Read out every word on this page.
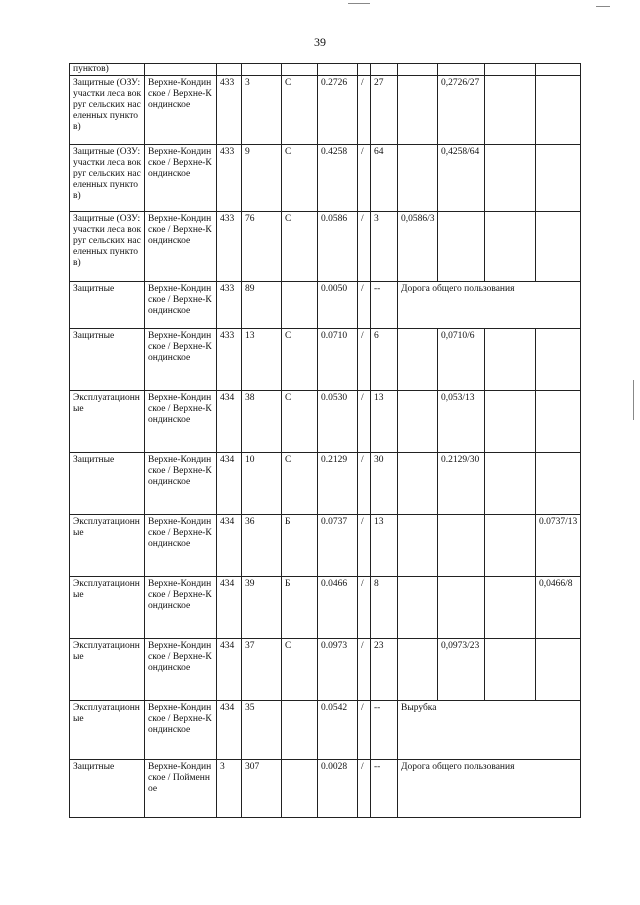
39
пунктов)											
Защитные (ОЗУ: участки леса вокруг сельских населенных пунктов)	Верхне-Кондинское / Верхне-Кондинское	433	3	С	0.2726	/	27		0,2726/27		
Защитные (ОЗУ: участки леса вокруг сельских населенных пунктов)	Верхне-Кондинское / Верхне-Кондинское	433	9	С	0.4258	/	64		0,4258/64		
Защитные (ОЗУ: участки леса вокруг сельских населенных пунктов)	Верхне-Кондинское / Верхне-Кондинское	433	76	С	0.0586	/	3	0,0586/3			
Защитные	Верхне-Кондинское / Верхне-Кондинское	433	89		0.0050	/	--	Дорога общего пользования			
Защитные	Верхне-Кондинское / Верхне-Кондинское	433	13	С	0.0710	/	6		0,0710/6		
Эксплуатационные	Верхне-Кондинское / Верхне-Кондинское	434	38	С	0.0530	/	13		0,053/13		
Защитные	Верхне-Кондинское / Верхне-Кондинское	434	10	С	0.2129	/	30		0.2129/30		
Эксплуатационные	Верхне-Кондинское / Верхне-Кондинское	434	36	Б	0.0737	/	13				0.0737/13
Эксплуатационные	Верхне-Кондинское / Верхне-Кондинское	434	39	Б	0.0466	/	8				0,0466/8
Эксплуатационные	Верхне-Кондинское / Верхне-Кондинское	434	37	С	0.0973	/	23		0,0973/23		
Эксплуатационные	Верхне-Кондинское / Верхне-Кондинское	434	35		0.0542	/	--	Вырубка			
Защитные	Верхне-Кондинское / Пойменное	3	307		0.0028	/	--	Дорога общего пользования			
